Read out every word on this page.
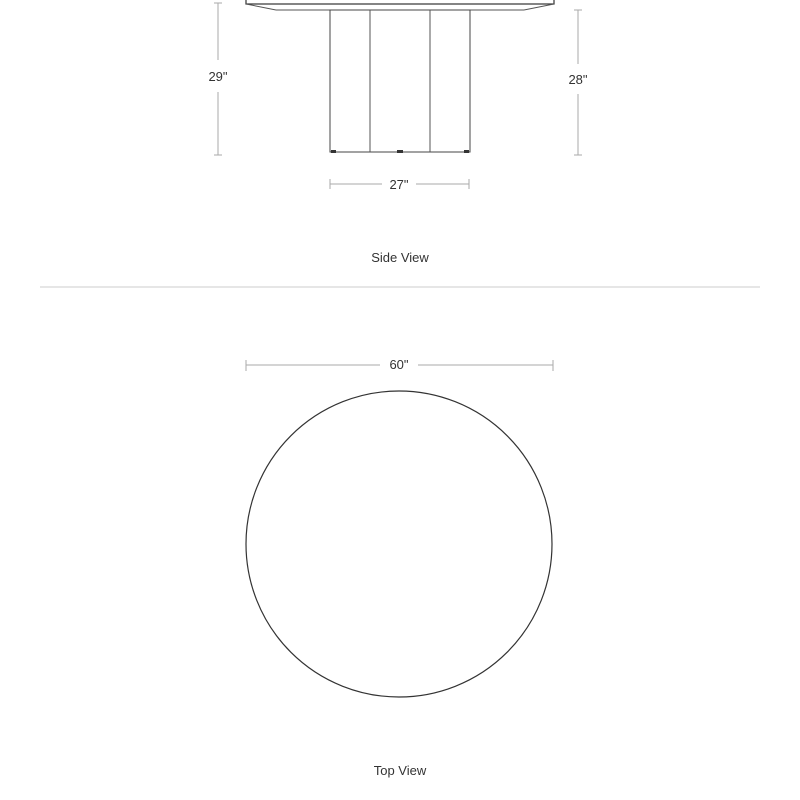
29"	28"
27"
Side View
60"
Top View
